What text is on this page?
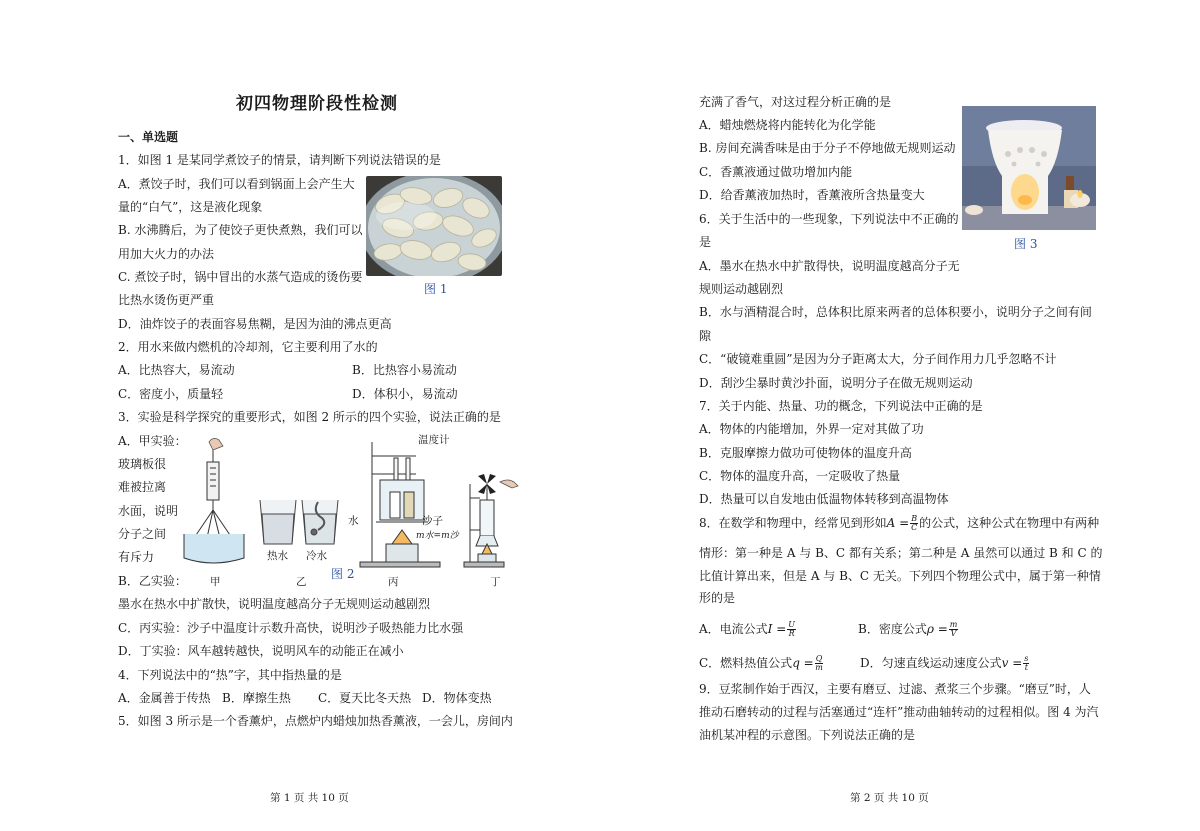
初四物理阶段性检测
一、单选题
1．如图 1 是某同学煮饺子的情景，请判断下列说法错误的是
A．煮饺子时，我们可以看到锅面上会产生大
量的“白气”，这是液化现象
B. 水沸腾后，为了使饺子更快煮熟，我们可以
用加大火力的办法
C. 煮饺子时，锅中冒出的水蒸气造成的烫伤要
比热水烫伤更严重
D．油炸饺子的表面容易焦糊，是因为油的沸点更高
图 1
2．用水来做内燃机的冷却剂，它主要利用了水的
A．比热容大，易流动	B．比热容小易流动
C．密度小，质量轻	D．体积小，易流动
3．实验是科学探究的重要形式，如图 2 所示的四个实验，说法正确的是
A．甲实验：
玻璃板很
难被拉离
水面，说明
分子之间
有斥力
B．乙实验：
温度计
水	沙子
m水=m沙
热水 冷水
甲	乙
图 2
丙	丁
墨水在热水中扩散快，说明温度越高分子无规则运动越剧烈
C．丙实验：沙子中温度计示数升高快，说明沙子吸热能力比水强
D．丁实验：风车越转越快，说明风车的动能正在减小
4．下列说法中的“热”字，其中指热量的是
A．金属善于传热 B．摩擦生热 C．夏天比冬天热 D．物体变热
5．如图 3 所示是一个香薰炉，点燃炉内蜡烛加热香薰液，一会儿，房间内
第 1 页 共 10 页
充满了香气，对这过程分析正确的是
A．蜡烛燃烧将内能转化为化学能
B. 房间充满香味是由于分子不停地做无规则运动
C．香薰液通过做功增加内能
D．给香薰液加热时，香薰液所含热量变大
图 3
6．关于生活中的一些现象，下列说法中不正确的
是
A．墨水在热水中扩散得快，说明温度越高分子无
规则运动越剧烈
B．水与酒精混合时，总体积比原来两者的总体积要小，说明分子之间有间
隙
C．“破镜难重圆”是因为分子距离太大，分子间作用力几乎忽略不计
D．刮沙尘暴时黄沙扑面，说明分子在做无规则运动
7．关于内能、热量、功的概念，下列说法中正确的是
A．物体的内能增加，外界一定对其做了功
B．克服摩擦力做功可使物体的温度升高
C．物体的温度升高，一定吸收了热量
D．热量可以自发地由低温物体转移到高温物体
8．在数学和物理中，经常见到形如$A = \frac{B}{C}$ 的公式，这种公式在物理中有两种
情形：第一种是 A 与 B、C 都有关系；第二种是 A 虽然可以通过 B 和 C 的
比值计算出来，但是 A 与 B、C 无关。下列四个物理公式中，属于第一种情
形的是
A．电流公式$I = \frac{U}{R}$	B．密度公式$\rho = \frac{m}{V}$
C．燃料热值公式$q = \frac{Q}{m}$	D．匀速直线运动速度公式$v = \frac{s}{t}$
9．豆浆制作始于西汉，主要有磨豆、过滤、煮浆三个步骤。“磨豆”时，人
推动石磨转动的过程与活塞通过“连杆”推动曲轴转动的过程相似。图 4 为汽
油机某冲程的示意图。下列说法正确的是
第 2 页 共 10 页
